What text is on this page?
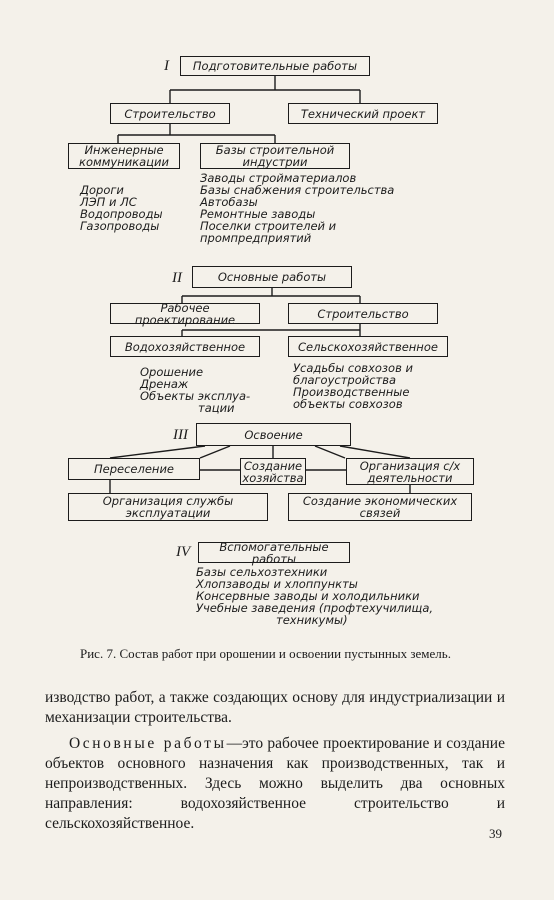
I	Подготовительные работы
Строительство	Технический проект
Инженерные
коммуникации
Базы строительной
индустрии
Дороги
ЛЭП и ЛС
Водопроводы
Газопроводы
Заводы стройматериалов
Базы снабжения строительства
Автобазы
Ремонтные заводы
Поселки строителей и
промпредприятий
II	Основные работы
Рабочее проектирование	Строительство
Водохозяйственное	Сельскохозяйственное
Орошение
Дренаж
Объекты эксплуа-
тации
Усадьбы совхозов и
благоустройства
Производственные
объекты совхозов
III	Освоение
Переселение	Создание
хозяйства
Организация с/х
деятельности
Организация службы
эксплуатации
Создание экономических
связей
IV	Вспомогательные работы
Базы сельхозтехники
Хлопзаводы и хлоппункты
Консервные заводы и холодильники
Учебные заведения (профтехучилища,
техникумы)
Рис. 7. Состав работ при орошении и освоении пустынных земель.

изводство работ, а также создающих основу для индустриализации и механизации строительства.

Основные работы—это рабочее проектирование и создание объектов основного назначения как производственных, так и непроизводственных. Здесь можно выделить два основных направления: водохозяйственное строительство и сельскохозяйственное.

39
